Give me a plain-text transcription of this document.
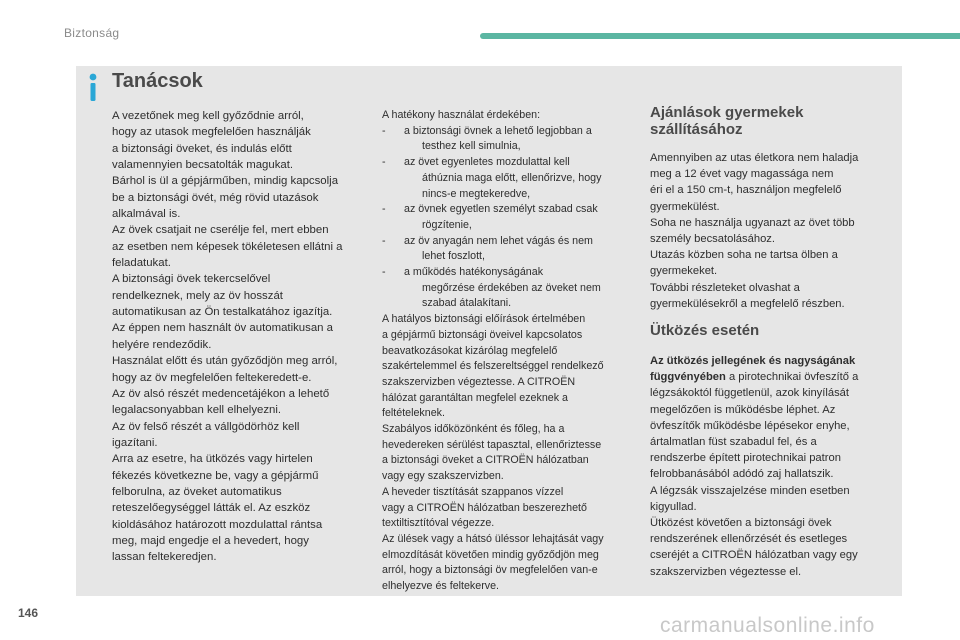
Biztonság
Tanácsok
A vezetőnek meg kell győződnie arról,
hogy az utasok megfelelően használják
a biztonsági öveket, és indulás előtt
valamennyien becsatolták magukat.
Bárhol is ül a gépjárműben, mindig kapcsolja
be a biztonsági övét, még rövid utazások
alkalmával is.
Az övek csatjait ne cserélje fel, mert ebben
az esetben nem képesek tökéletesen ellátni a
feladatukat.
A biztonsági övek tekercselővel
rendelkeznek, mely az öv hosszát
automatikusan az Ön testalkatához igazítja.
Az éppen nem használt öv automatikusan a
helyére rendeződik.
Használat előtt és után győződjön meg arról,
hogy az öv megfelelően feltekeredett-e.
Az öv alsó részét medencetájékon a lehető
legalacsonyabban kell elhelyezni.
Az öv felső részét a vállgödörhöz kell
igazítani.
Arra az esetre, ha ütközés vagy hirtelen
fékezés következne be, vagy a gépjármű
felborulna, az öveket automatikus
reteszelőegységgel látták el. Az eszköz
kioldásához határozott mozdulattal rántsa
meg, majd engedje el a hevedert, hogy
lassan feltekeredjen.

A hatékony használat érdekében:

-	a biztonsági övnek a lehető legjobban a
testhez kell simulnia,
-	az övet egyenletes mozdulattal kell
áthúznia maga előtt, ellenőrizve, hogy
nincs-e megtekeredve,
-	az övnek egyetlen személyt szabad csak
rögzítenie,
-	az öv anyagán nem lehet vágás és nem
lehet foszlott,
-	a működés hatékonyságának
megőrzése érdekében az öveket nem
szabad átalakítani.
A hatályos biztonsági előírások értelmében
a gépjármű biztonsági öveivel kapcsolatos
beavatkozásokat kizárólag megfelelő
szakértelemmel és felszereltséggel rendelkező
szakszervizben végeztesse. A CITROËN
hálózat garantáltan megfelel ezeknek a
feltételeknek.
Szabályos időközönként és főleg, ha a
hevedereken sérülést tapasztal, ellenőriztesse
a biztonsági öveket a CITROËN hálózatban
vagy egy szakszervizben.
A heveder tisztítását szappanos vízzel
vagy a CITROËN hálózatban beszerezhető
textiltisztítóval végezze.
Az ülések vagy a hátsó üléssor lehajtását vagy
elmozdítását követően mindig győződjön meg
arról, hogy a biztonsági öv megfelelően van-e
elhelyezve és feltekerve.
Ajánlások gyermekek
szállításához
Amennyiben az utas életkora nem haladja
meg a 12 évet vagy magassága nem
éri el a 150 cm-t, használjon megfelelő
gyermekülést.
Soha ne használja ugyanazt az övet több
személy becsatolásához.
Utazás közben soha ne tartsa ölben a
gyermekeket.
További részleteket olvashat a
gyermekülésekről a megfelelő részben.
Ütközés esetén
Az ütközés jellegének és nagyságának
függvényében a pirotechnikai övfeszítő a
légzsákoktól függetlenül, azok kinyílását
megelőzően is működésbe léphet. Az
övfeszítők működésbe lépésekor enyhe,
ártalmatlan füst szabadul fel, és a
rendszerbe épített pirotechnikai patron
felrobbanásából adódó zaj hallatszik.
A légzsák visszajelzése minden esetben
kigyullad.
Ütközést követően a biztonsági övek
rendszerének ellenőrzését és esetleges
cseréjét a CITROËN hálózatban vagy egy
szakszervizben végeztesse el.
146
carmanualsonline.info
